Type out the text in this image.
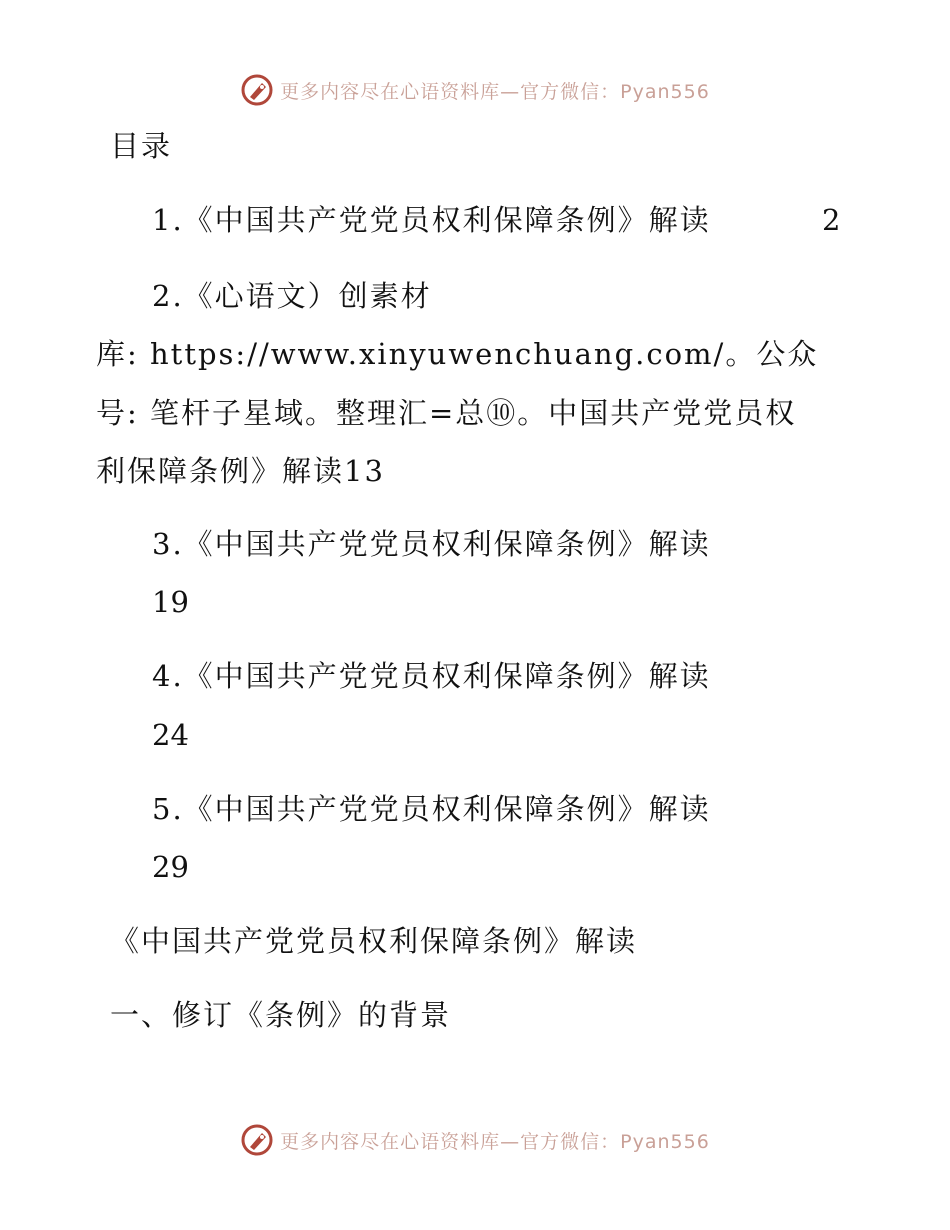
更多内容尽在心语资料库—官方微信：Pyan556
目录
1.《中国共产党党员权利保障条例》解读	2
2.《心语文）创素材
库: https://www.xinyuwenchuang.com/。公众
号: 笔杆子星域。整理汇=总⑩。中国共产党党员权
利保障条例》解读13
3.《中国共产党党员权利保障条例》解读
19
4.《中国共产党党员权利保障条例》解读
24
5.《中国共产党党员权利保障条例》解读
29
《中国共产党党员权利保障条例》解读
一、修订《条例》的背景
更多内容尽在心语资料库—官方微信：Pyan556
